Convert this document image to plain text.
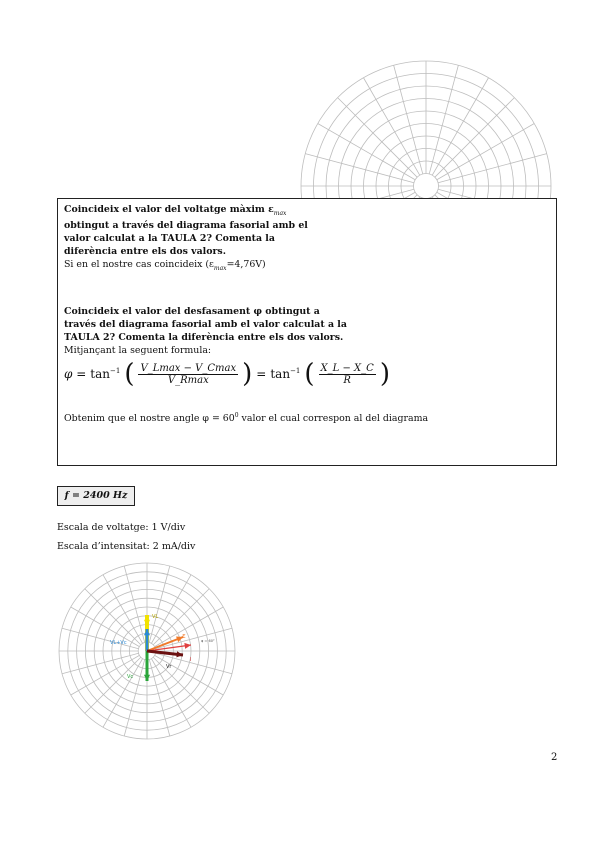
Coincideix el valor del voltatge màxim $\varepsilon_{max}$
obtingut a través del diagrama fasorial amb el
valor calculat a la TAULA 2? Comenta la
diferència entre els dos valors.
Si en el nostre cas coincideix $(\varepsilon_{max}=4,76V)$
Coincideix el valor del desfasament φ obtingut a
través del diagrama fasorial amb el valor calculat a la
TAULA 2? Comenta la diferència entre els dos valors.
Mitjançant la seguent formula:
$\varphi = \tan^{-1}$ ( $\frac{V\_Lmax - V\_Cmax}{V\_Rmax}$ ) = $\tan^{-1}$ ( $\frac{X\_L - X\_C}{R}$ )
Obtenim que el nostre angle $\varphi = 60^0$ valor el cual correspon al del diagrama
f = 2400 Hz
Escala de voltatge: 1 V/div
Escala d’intensitat: 2 mA/div
VL
VL+Vc
Vc
Vr
ε
I
φ = 60°
2
